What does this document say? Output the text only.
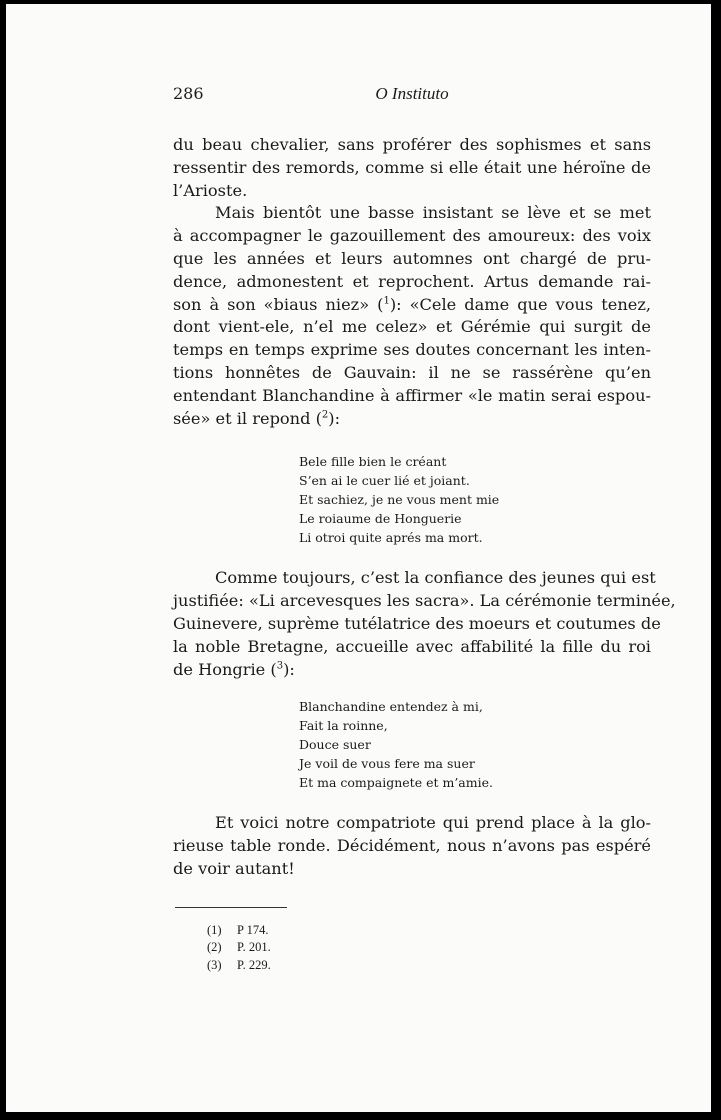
286	O Instituto
du beau chevalier, sans proférer des sophismes et sans
ressentir des remords, comme si elle était une héroïne de
l’Arioste.
Mais bientôt une basse insistant se lève et se met
à accompagner le gazouillement des amoureux: des voix
que les années et leurs automnes ont chargé de pru-
dence, admonestent et reprochent. Artus demande rai-
son à son «biaus niez» ($^1$): «Cele dame que vous tenez,
dont vient-ele, n’el me celez» et Gérémie qui surgit de
temps en temps exprime ses doutes concernant les inten-
tions honnêtes de Gauvain: il ne se rassérène qu’en
entendant Blanchandine à affirmer «le matin serai espou-
sée» et il repond ($^2$):
Bele fille bien le créant
S’en ai le cuer lié et joiant.
Et sachiez, je ne vous ment mie
Le roiaume de Honguerie
Li otroi quite aprés ma mort.
Comme toujours, c’est la confiance des jeunes qui est
justifiée: «Li arcevesques les sacra». La cérémonie terminée,
Guinevere, suprème tutélatrice des moeurs et coutumes de
la noble Bretagne, accueille avec affabilité la fille du roi
de Hongrie ($^3$):
Blanchandine entendez à mi,
Fait la roinne,
Douce suer
Je voil de vous fere ma suer
Et ma compaignete et m’amie.
Et voici notre compatriote qui prend place à la glo-
rieuse table ronde. Décidément, nous n’avons pas espéré
de voir autant!
(1) P 174.
(2) P. 201.
(3) P. 229.
